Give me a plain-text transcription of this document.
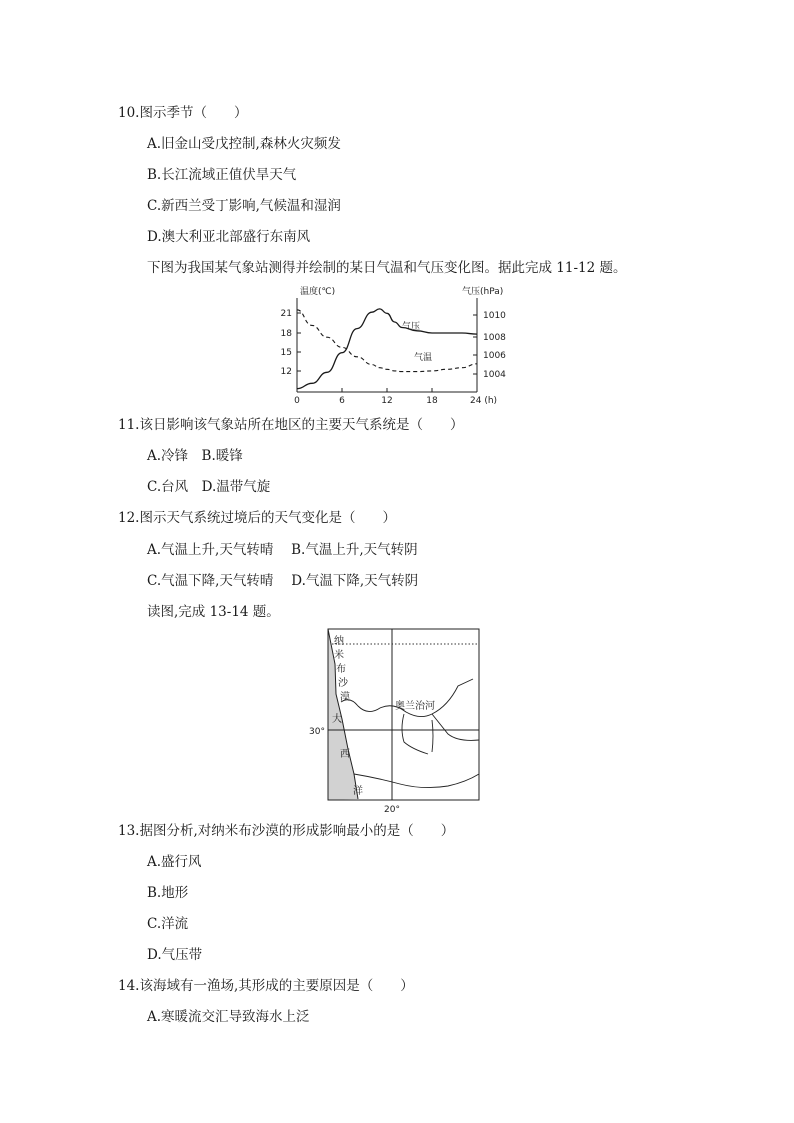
10.图示季节（　　）
A.旧金山受戊控制,森林火灾频发
B.长江流域正值伏旱天气
C.新西兰受丁影响,气候温和湿润
D.澳大利亚北部盛行东南风
下图为我国某气象站测得并绘制的某日气温和气压变化图。据此完成 11-12 题。
温度(℃)	气压(hPa)
21
18
15
12
1010
1008
1006
1004
0	6	12	18	24 (h)
气压
气温
11.该日影响该气象站所在地区的主要天气系统是（　　）
A.冷锋　B.暖锋
C.台风　D.温带气旋
12.图示天气系统过境后的天气变化是（　　）
A.气温上升,天气转晴　 B.气温上升,天气转阴
C.气温下降,天气转晴　 D.气温下降,天气转阴
读图,完成 13-14 题。
纳
米
布
沙
漠
奥兰治河
大
西
洋
30°
20°
13.据图分析,对纳米布沙漠的形成影响最小的是（　　）
A.盛行风
B.地形
C.洋流
D.气压带
14.该海域有一渔场,其形成的主要原因是（　　）
A.寒暖流交汇导致海水上泛
